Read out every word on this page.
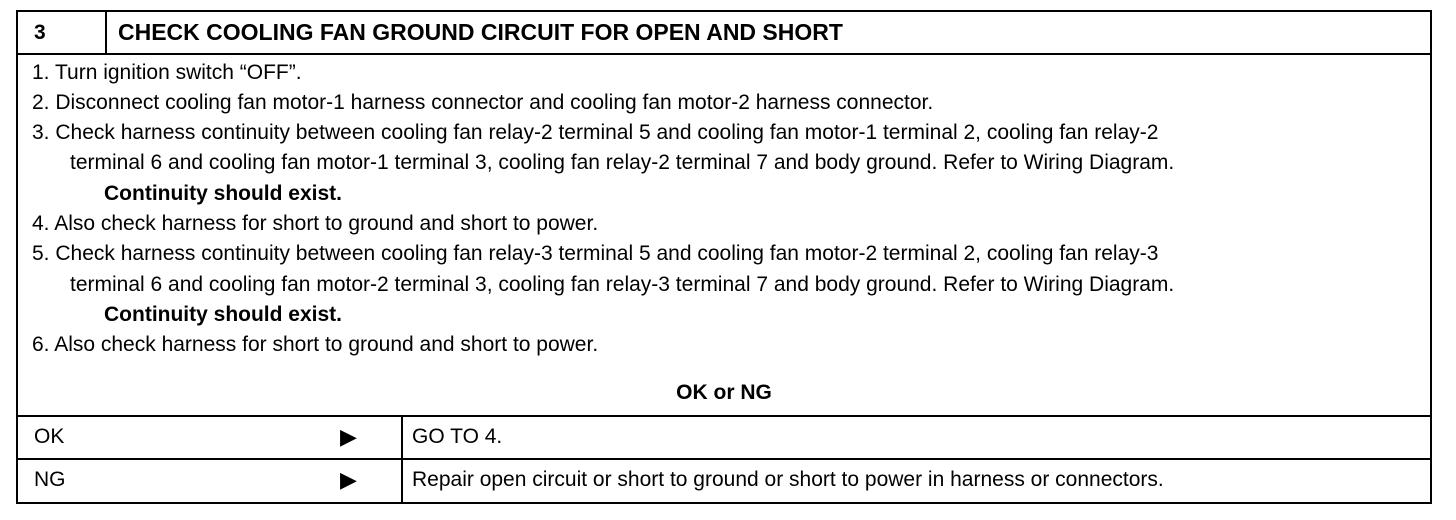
3	CHECK COOLING FAN GROUND CIRCUIT FOR OPEN AND SHORT
1. Turn ignition switch “OFF”.
2. Disconnect cooling fan motor-1 harness connector and cooling fan motor-2 harness connector.
3. Check harness continuity between cooling fan relay-2 terminal 5 and cooling fan motor-1 terminal 2, cooling fan relay-2
terminal 6 and cooling fan motor-1 terminal 3, cooling fan relay-2 terminal 7 and body ground. Refer to Wiring Diagram.
Continuity should exist.
4. Also check harness for short to ground and short to power.
5. Check harness continuity between cooling fan relay-3 terminal 5 and cooling fan motor-2 terminal 2, cooling fan relay-3
terminal 6 and cooling fan motor-2 terminal 3, cooling fan relay-3 terminal 7 and body ground. Refer to Wiring Diagram.
Continuity should exist.
6. Also check harness for short to ground and short to power.
OK or NG
OK	▶	GO TO 4.
NG	▶	Repair open circuit or short to ground or short to power in harness or connectors.
